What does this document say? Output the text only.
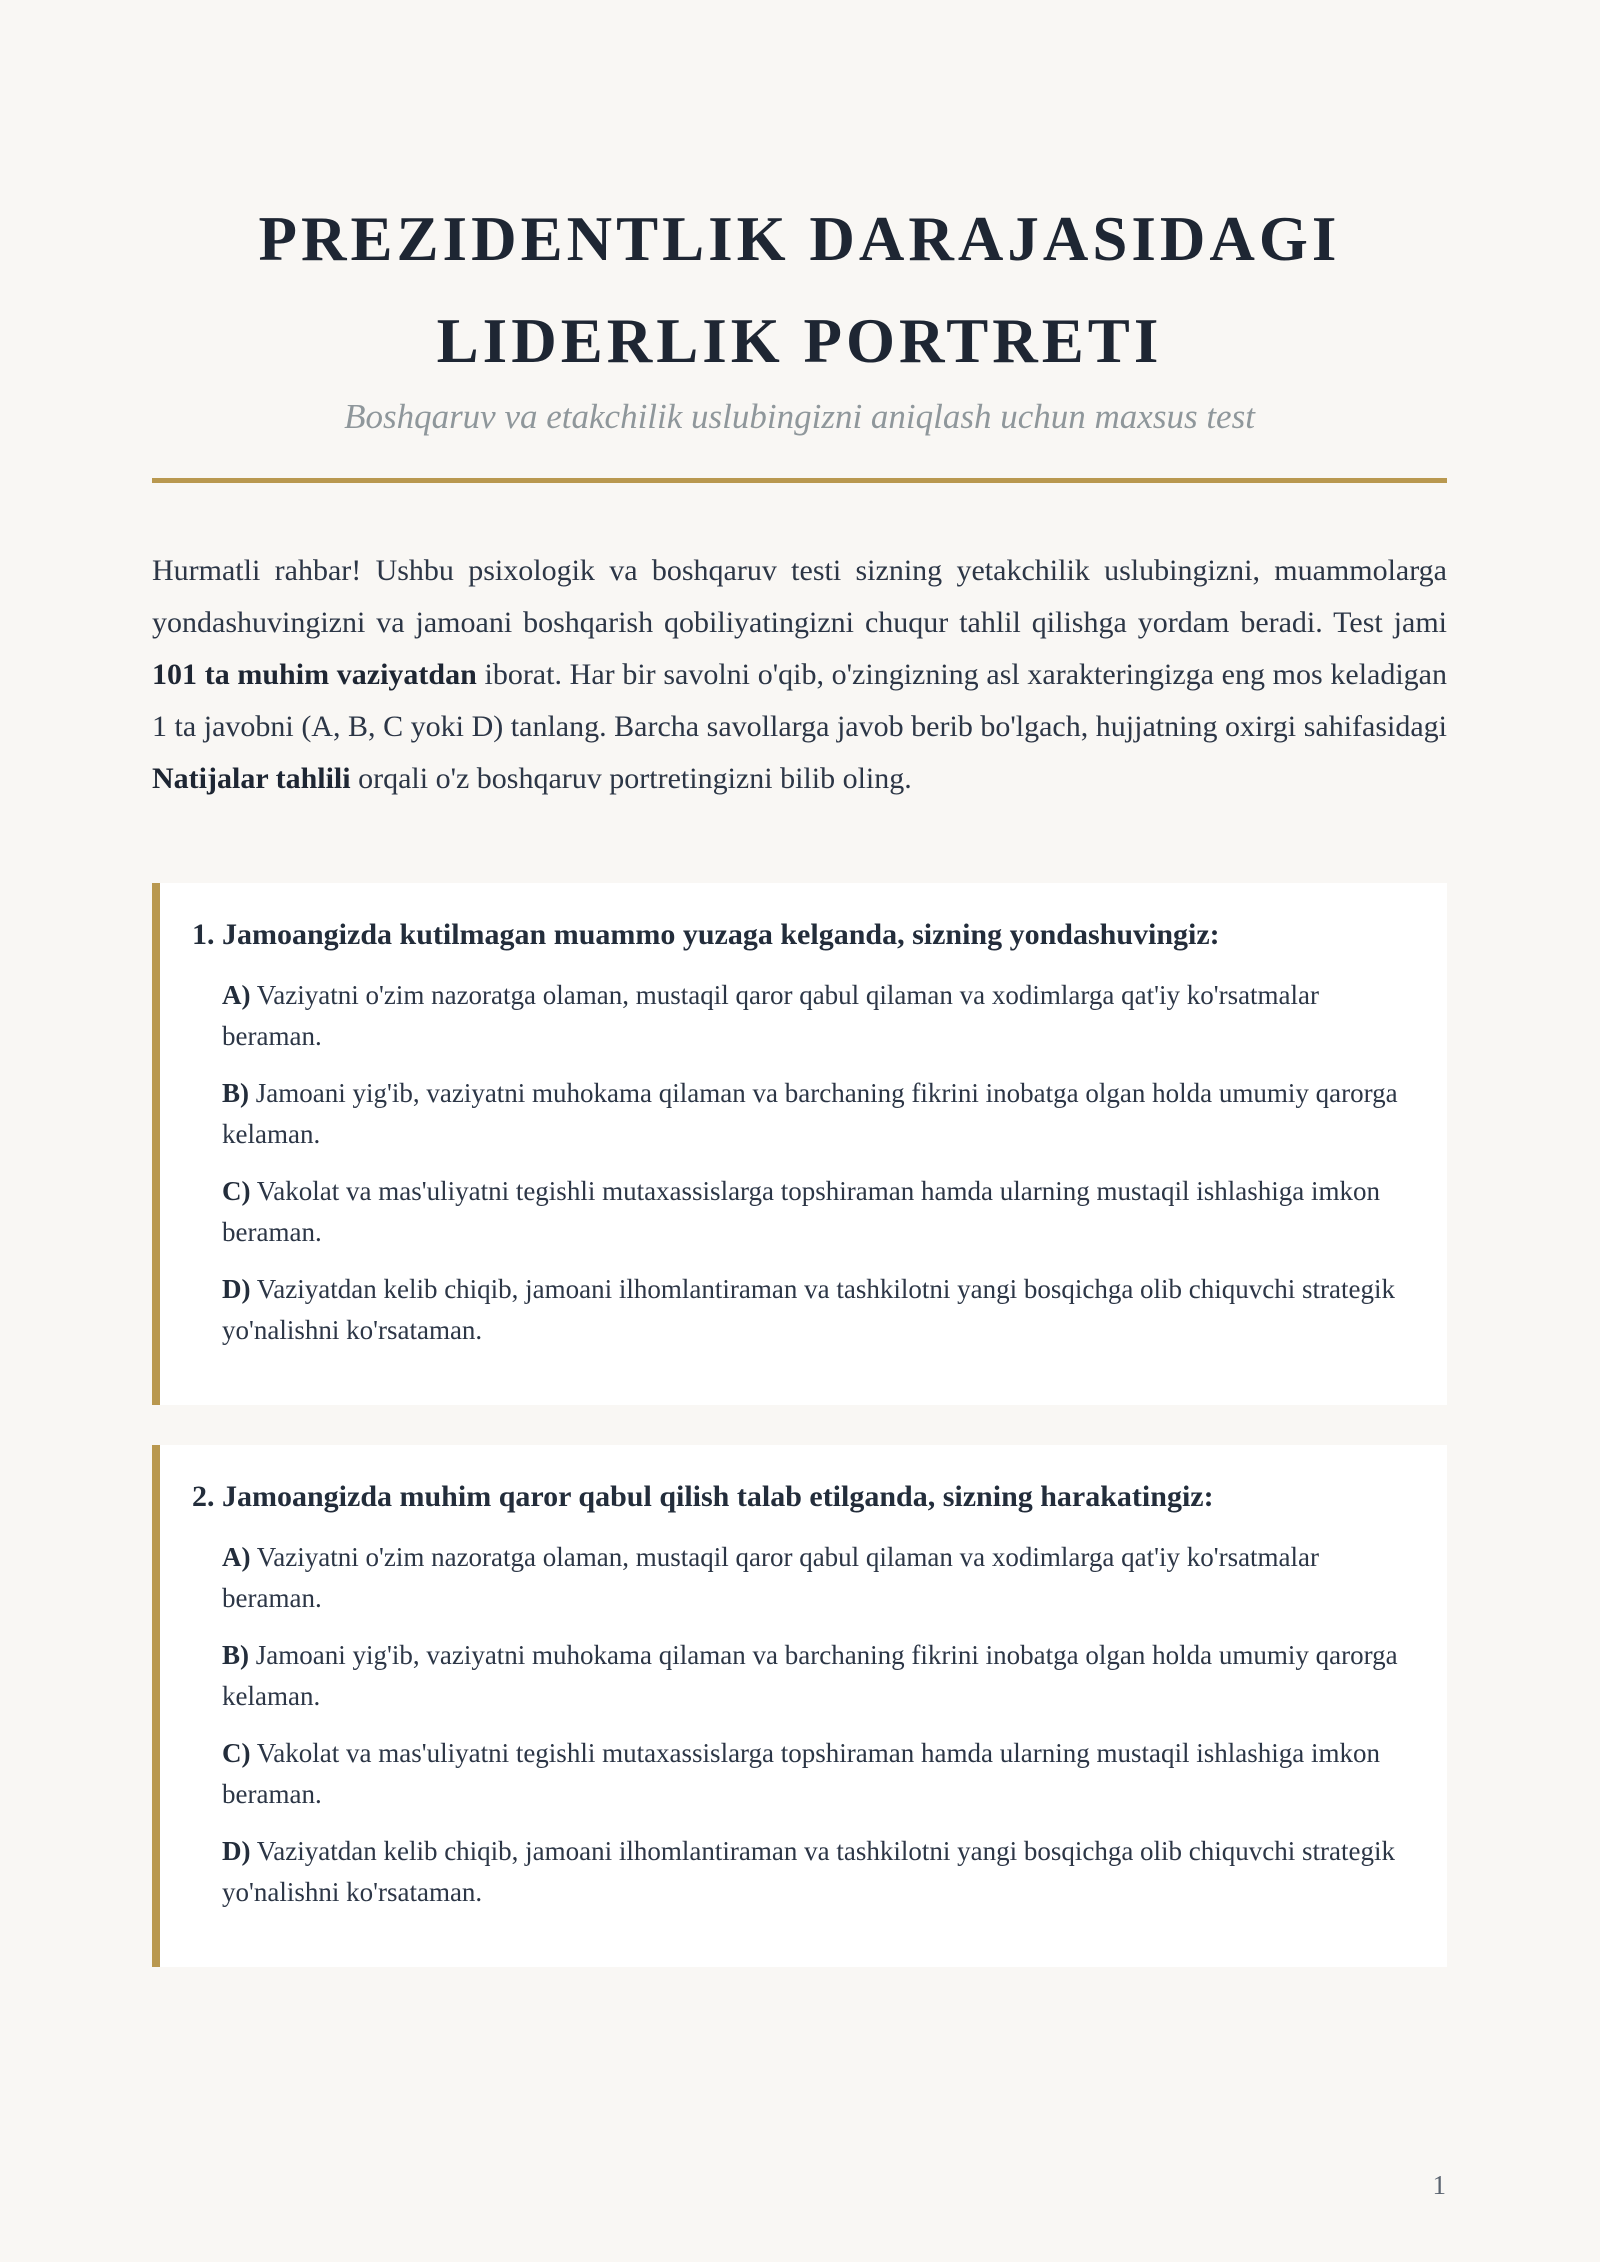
PREZIDENTLIK DARAJASIDAGI
LIDERLIK PORTRETI
Boshqaruv va etakchilik uslubingizni aniqlash uchun maxsus test

Hurmatli rahbar! Ushbu psixologik va boshqaruv testi sizning yetakchilik uslubingizni, muammolarga yondashuvingizni va jamoani boshqarish qobiliyatingizni chuqur tahlil qilishga yordam beradi. Test jami 101 ta muhim vaziyatdan iborat. Har bir savolni o'qib, o'zingizning asl xarakteringizga eng mos keladigan 1 ta javobni (A, B, C yoki D) tanlang. Barcha savollarga javob berib bo'lgach, hujjatning oxirgi sahifasidagi Natijalar tahlili orqali o'z boshqaruv portretingizni bilib oling.

1. Jamoangizda kutilmagan muammo yuzaga kelganda, sizning yondashuvingiz:
A) Vaziyatni o'zim nazoratga olaman, mustaqil qaror qabul qilaman va xodimlarga qat'iy ko'rsatmalar beraman.
B) Jamoani yig'ib, vaziyatni muhokama qilaman va barchaning fikrini inobatga olgan holda umumiy qarorga kelaman.
C) Vakolat va mas'uliyatni tegishli mutaxassislarga topshiraman hamda ularning mustaqil ishlashiga imkon beraman.
D) Vaziyatdan kelib chiqib, jamoani ilhomlantiraman va tashkilotni yangi bosqichga olib chiquvchi strategik yo'nalishni ko'rsataman.
2. Jamoangizda muhim qaror qabul qilish talab etilganda, sizning harakatingiz:
A) Vaziyatni o'zim nazoratga olaman, mustaqil qaror qabul qilaman va xodimlarga qat'iy ko'rsatmalar beraman.
B) Jamoani yig'ib, vaziyatni muhokama qilaman va barchaning fikrini inobatga olgan holda umumiy qarorga kelaman.
C) Vakolat va mas'uliyatni tegishli mutaxassislarga topshiraman hamda ularning mustaqil ishlashiga imkon beraman.
D) Vaziyatdan kelib chiqib, jamoani ilhomlantiraman va tashkilotni yangi bosqichga olib chiquvchi strategik yo'nalishni ko'rsataman.
1
